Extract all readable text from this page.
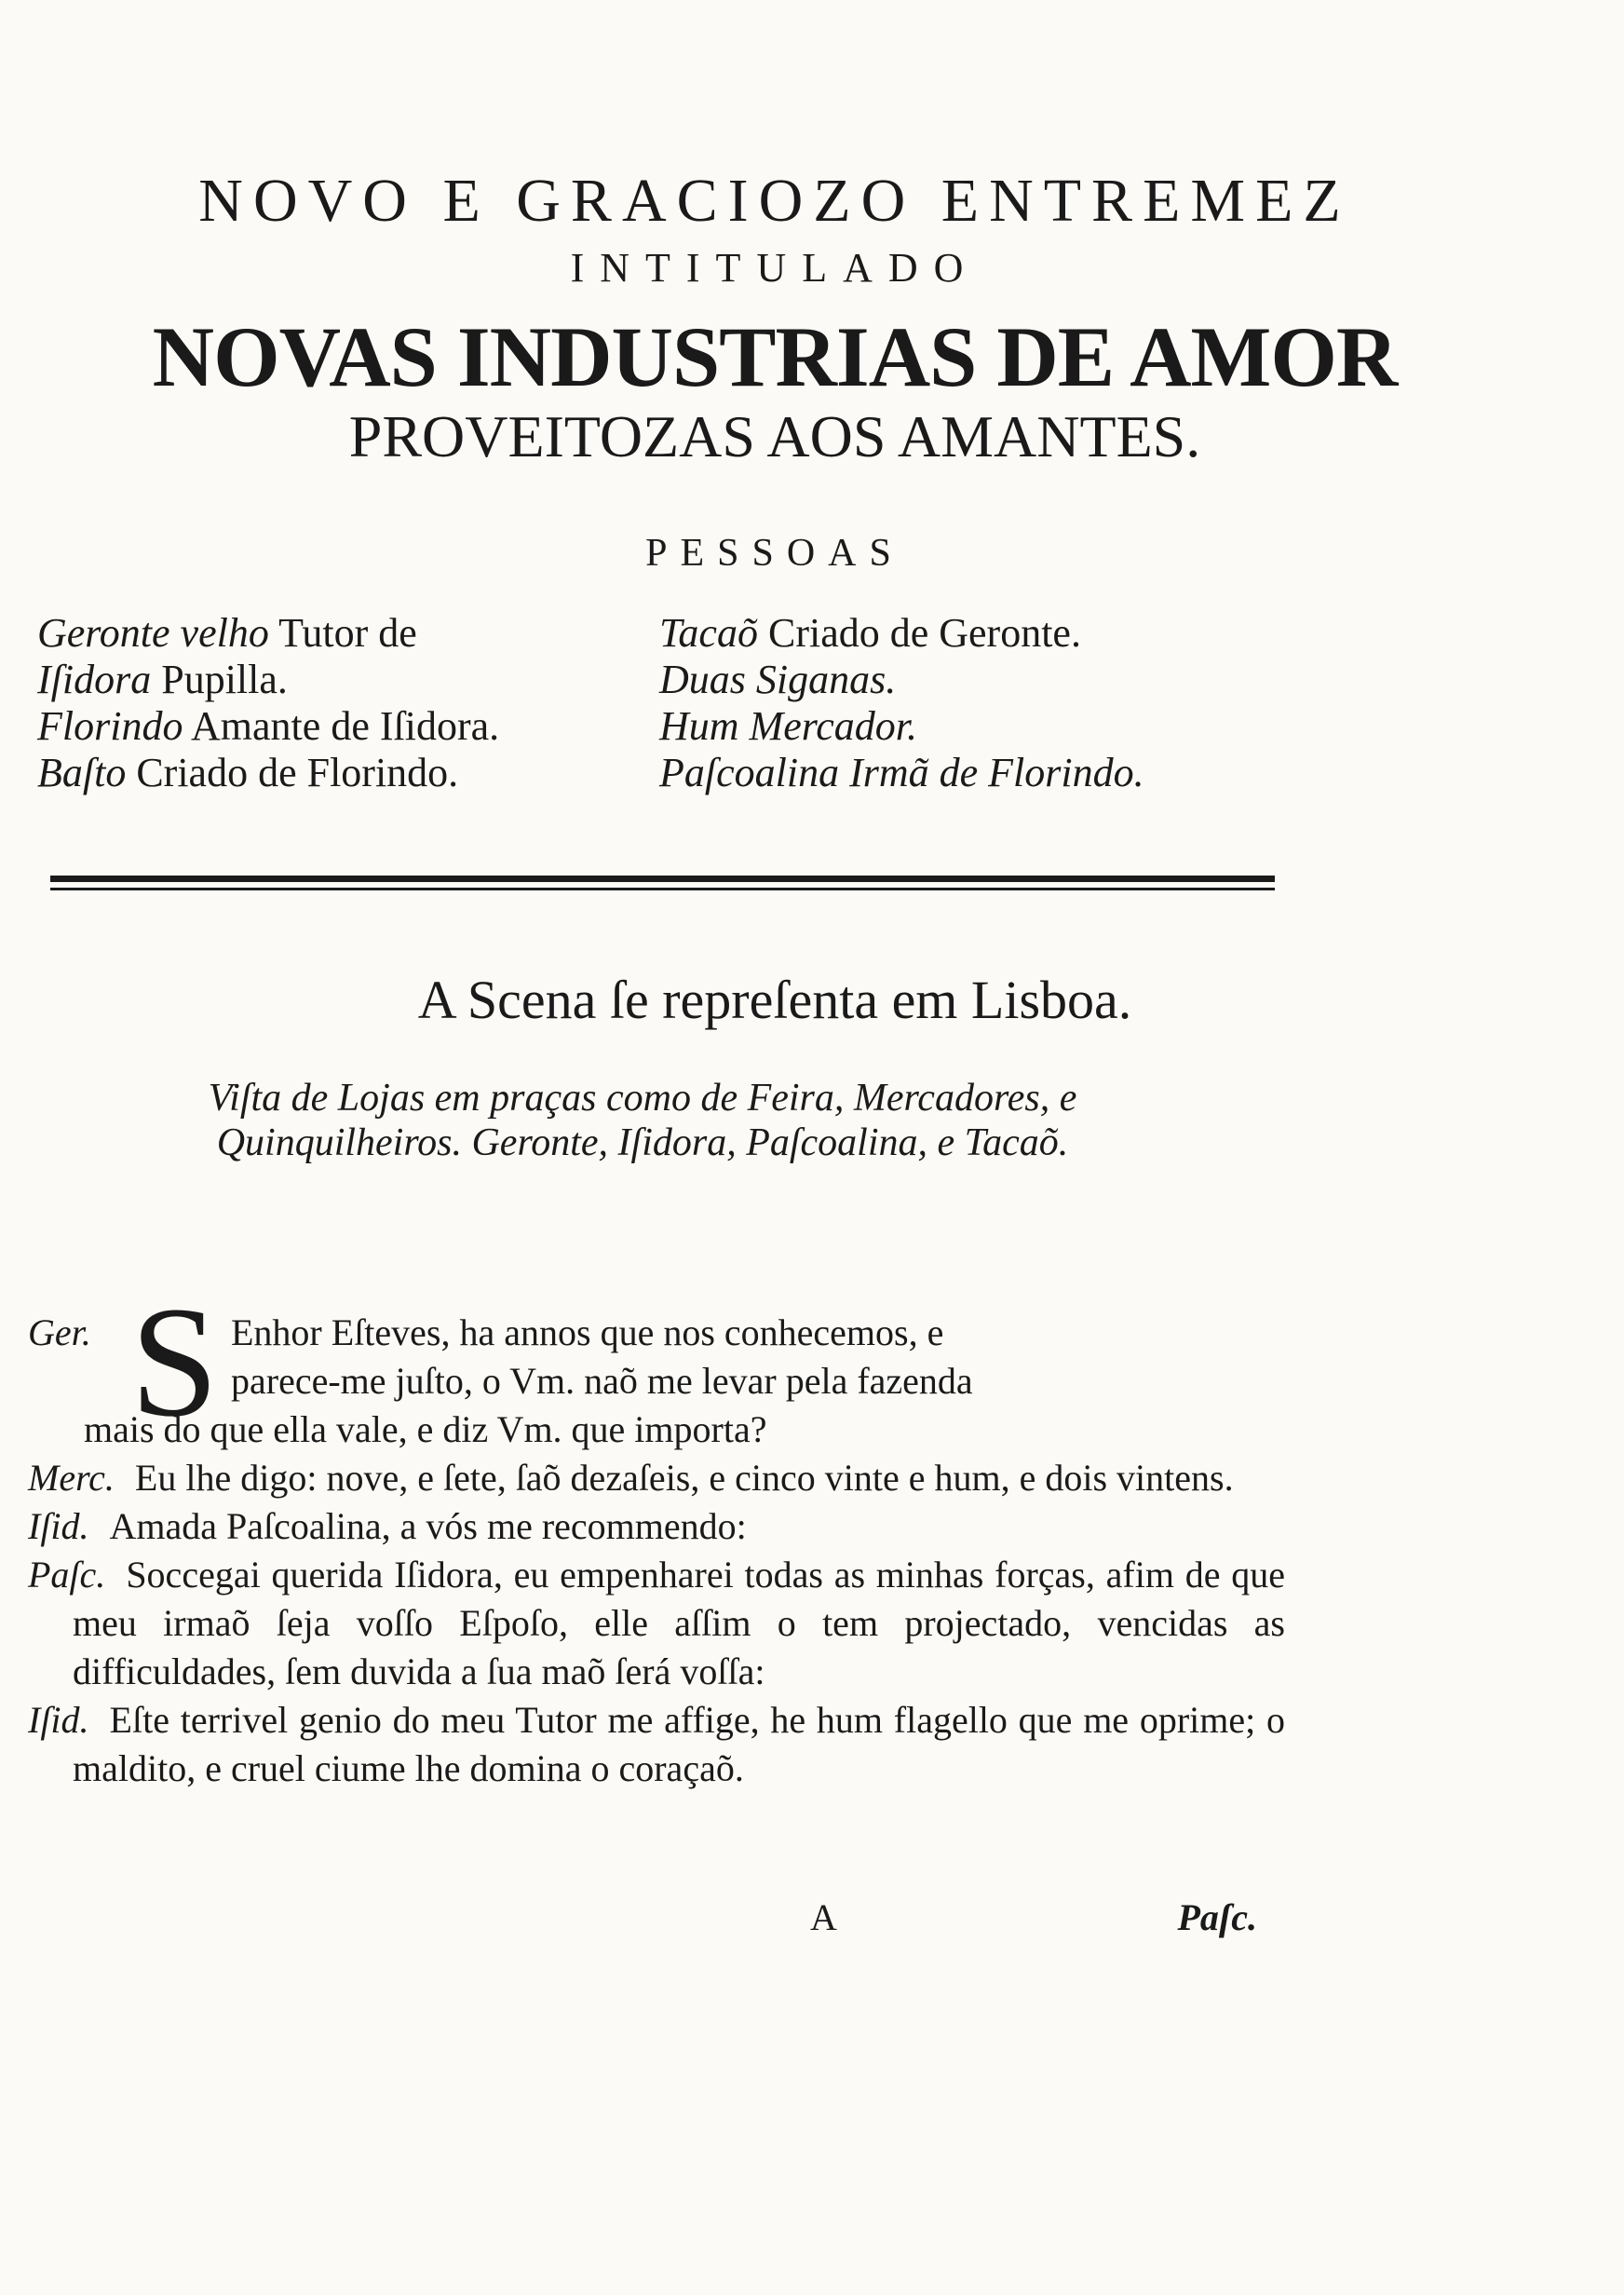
NOVO E GRACIOZO ENTREMEZ
INTITULADO
NOVAS INDUSTRIAS DE AMOR
PROVEITOZAS AOS AMANTES.
PESSOAS
Geronte velho Tutor de
Iſidora Pupilla.
Florindo Amante de Iſidora.
Baſto Criado de Florindo.
Tacaõ Criado de Geronte.
Duas Siganas.
Hum Mercador.
Paſcoalina Irmã de Florindo.
A Scena ſe repreſenta em Lisboa.
Viſta de Lojas em praças como de Feira, Mercadores, e Quinquilheiros. Geronte, Iſidora, Paſcoalina, e Tacaõ.
S
Ger.	Enhor Eſteves, ha annos que nos conhecemos, e
parece-me juſto, o Vm. naõ me levar pela fazenda
mais do que ella vale, e diz Vm. que importa?
Merc. Eu lhe digo: nove, e ſete, ſaõ dezaſeis, e cinco vinte e hum, e dois vintens.
Iſid. Amada Paſcoalina, a vós me recommendo:
Paſc. Soccegai querida Iſidora, eu empenharei todas as minhas forças, afim de que meu irmaõ ſeja voſſo Eſpoſo, elle aſſim o tem projectado, vencidas as difficuldades, ſem duvida a ſua maõ ſerá voſſa:
Iſid. Eſte terrivel genio do meu Tutor me affige, he hum flagello que me oprime; o maldito, e cruel ciume lhe domina o coraçaõ.
A	Paſc.
